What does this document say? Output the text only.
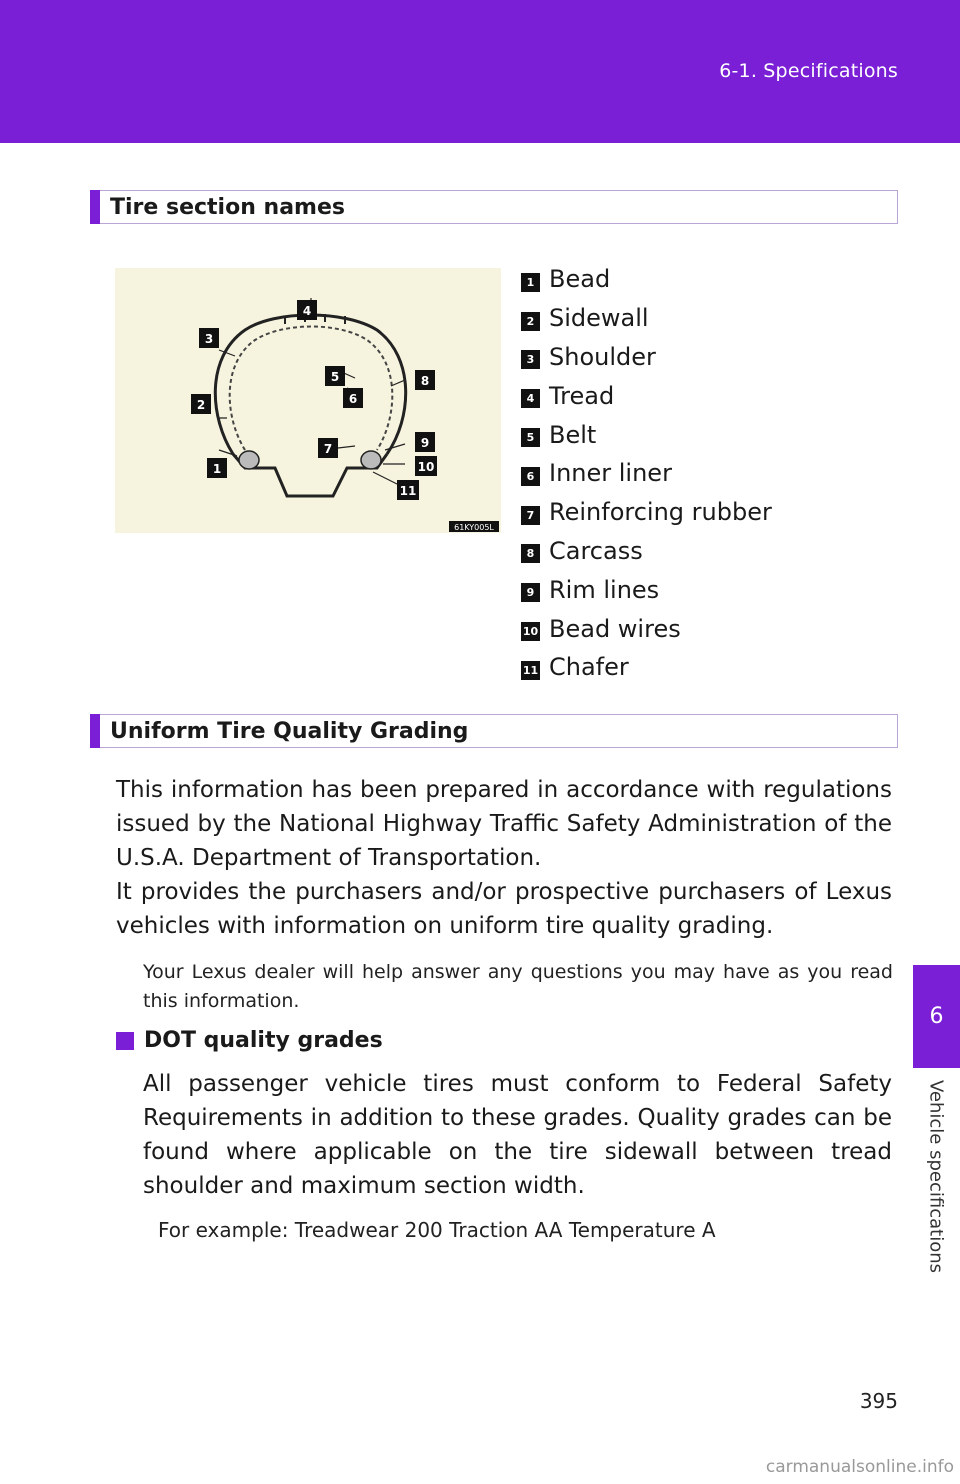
6-1. Specifications
6
Vehicle specifications
Tire section names
1
2
3
4
5
6
7
8
9
10
11
61KY005L
1 Bead
2 Sidewall
3 Shoulder
4 Tread
5 Belt
6 Inner liner
7 Reinforcing rubber
8 Carcass
9 Rim lines
10 Bead wires
11 Chafer
Uniform Tire Quality Grading
This information has been prepared in accordance with regulations issued by the National Highway Traffic Safety Administration of the U.S.A. Department of Transportation.
It provides the purchasers and/or prospective purchasers of Lexus vehicles with information on uniform tire quality grading.
Your Lexus dealer will help answer any questions you may have as you read this information.
DOT quality grades
All passenger vehicle tires must conform to Federal Safety Requirements in addition to these grades. Quality grades can be found where applicable on the tire sidewall between tread shoulder and maximum section width.
For example: Treadwear 200 Traction AA Temperature A
395
carmanualsonline.info
